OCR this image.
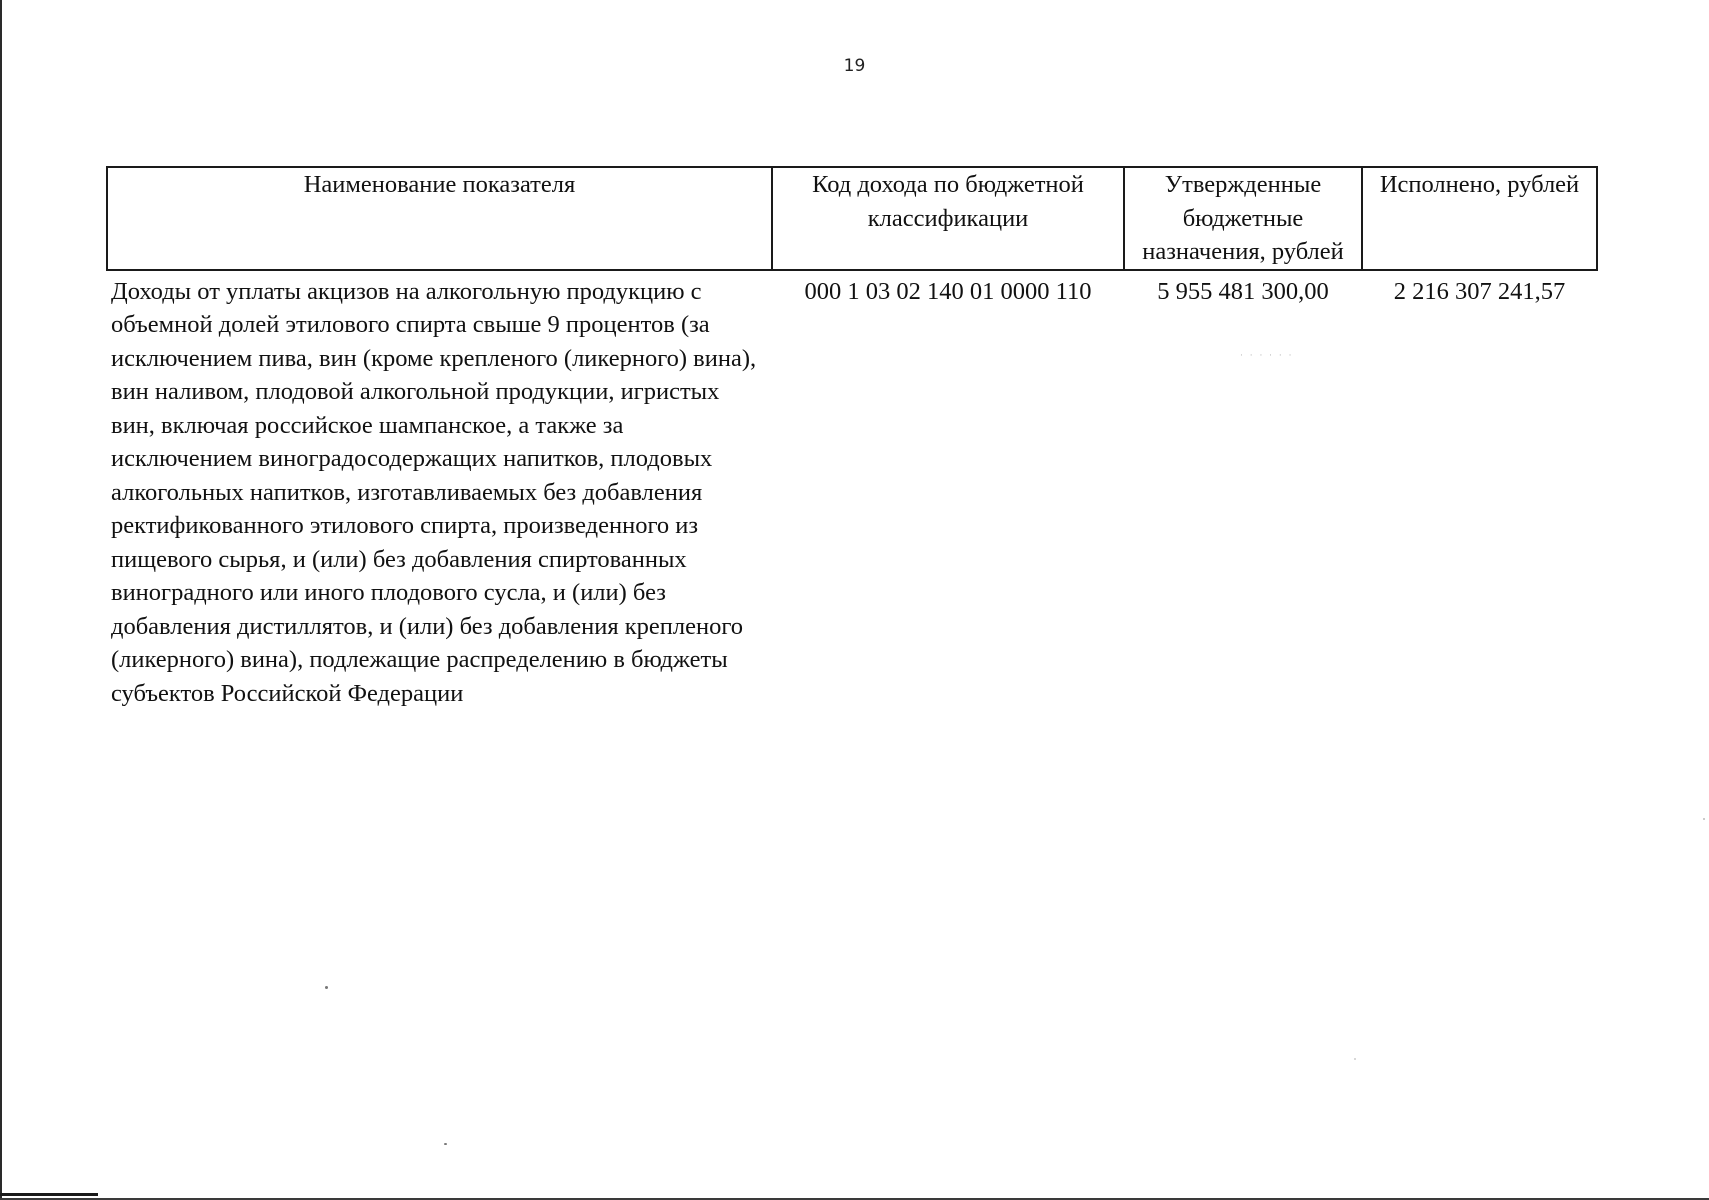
19
Наименование показателя	Код дохода по бюджетной классификации	Утвержденные бюджетные назначения, рублей	Исполнено, рублей
Доходы от уплаты акцизов на алкогольную продукцию с объемной долей этилового спирта свыше 9 процентов (за исключением пива, вин (кроме крепленого (ликерного) вина), вин наливом, плодовой алкогольной продукции, игристых вин, включая российское шампанское, а также за исключением виноградосодержащих напитков, плодовых алкогольных напитков, изготавливаемых без добавления ректификованного этилового спирта, произведенного из пищевого сырья, и (или) без добавления спиртованных виноградного или иного плодового сусла, и (или) без добавления дистиллятов, и (или) без добавления крепленого (ликерного) вина), подлежащие распределению в бюджеты субъектов Российской Федерации	000 1 03 02 140 01 0000 110	5 955 481 300,00	2 216 307 241,57
· · · · · ·
